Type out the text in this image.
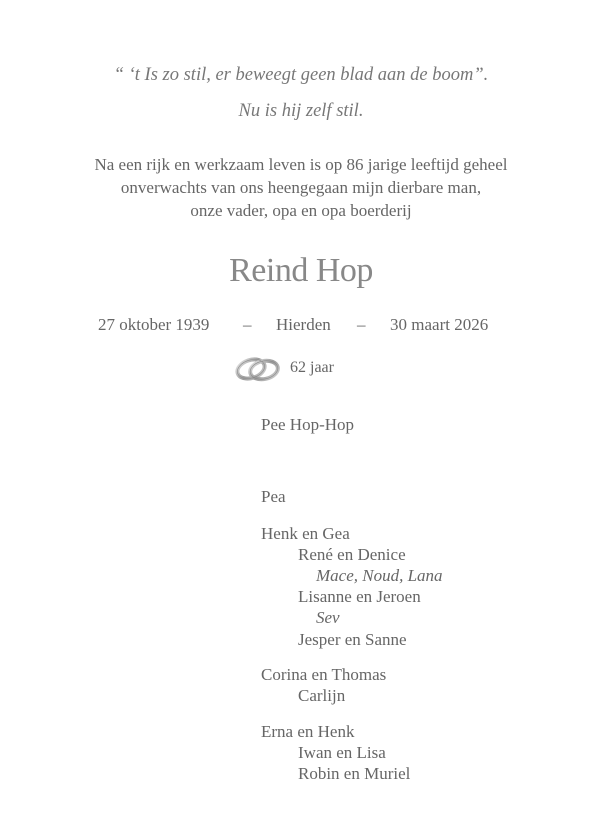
“ ‘t Is zo stil, er beweegt geen blad aan de boom”.
Nu is hij zelf stil.
Na een rijk en werkzaam leven is op 86 jarige leeftijd geheel
onverwachts van ons heengegaan mijn dierbare man,
onze vader, opa en opa boerderij
Reind Hop
27 oktober 1939 – Hierden – 30 maart 2026
62 jaar
Pee Hop-Hop
Pea
Henk en Gea
René en Denice
Mace, Noud, Lana
Lisanne en Jeroen
Sev
Jesper en Sanne
Corina en Thomas
Carlijn
Erna en Henk
Iwan en Lisa
Robin en Muriel
